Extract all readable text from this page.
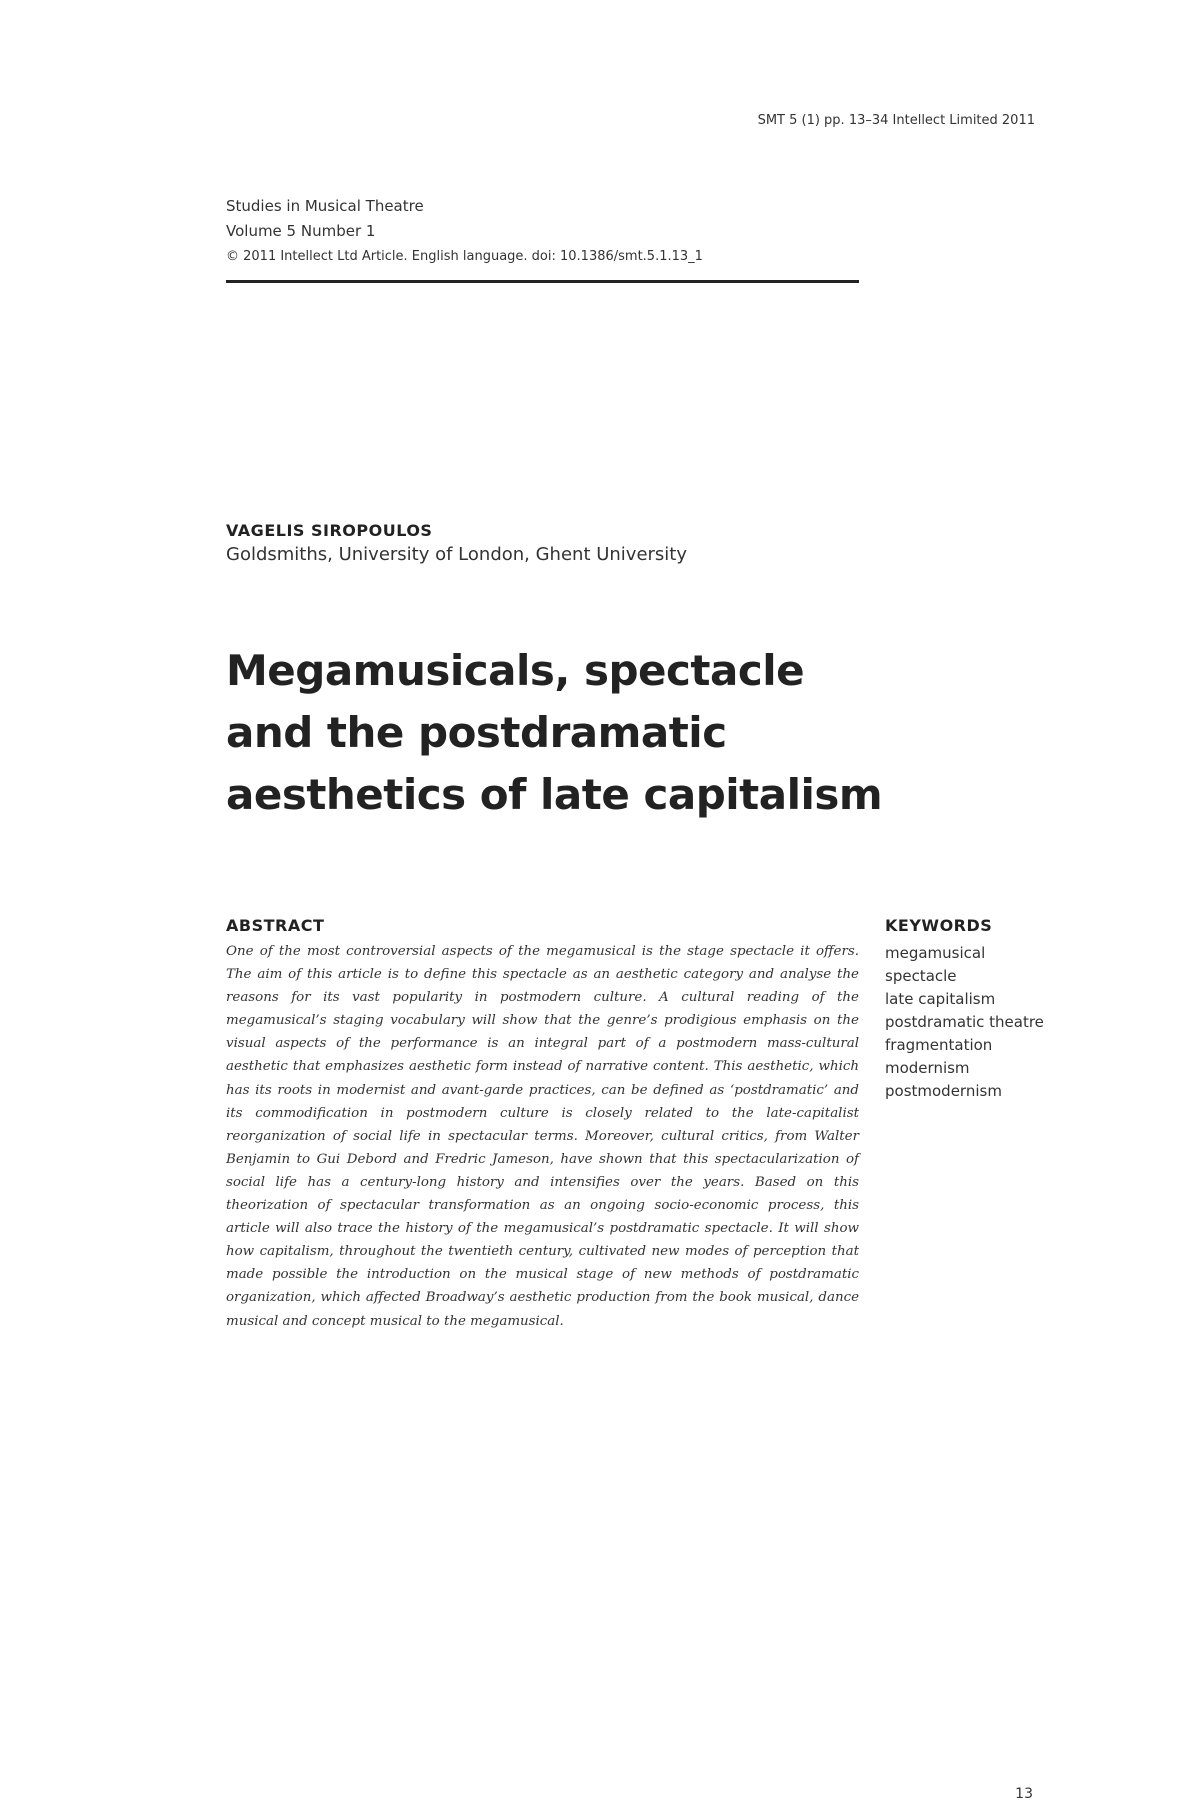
SMT 5 (1) pp. 13–34 Intellect Limited 2011
Studies in Musical Theatre
Volume 5 Number 1
© 2011 Intellect Ltd Article. English language. doi: 10.1386/smt.5.1.13_1
VAGELIS SIROPOULOS
Goldsmiths, University of London, Ghent University
Megamusicals, spectacle and the postdramatic aesthetics of late capitalism
ABSTRACT	KEYWORDS
One of the most controversial aspects of the megamusical is the stage spectacle it offers. The aim of this article is to define this spectacle as an aesthetic category and analyse the reasons for its vast popularity in postmodern culture. A cultural reading of the megamusical’s staging vocabulary will show that the genre’s prodigious emphasis on the visual aspects of the performance is an integral part of a postmodern mass-cultural aesthetic that emphasizes aesthetic form instead of narrative content. This aesthetic, which has its roots in modernist and avant-garde practices, can be defined as ‘postdramatic’ and its commodification in postmodern culture is closely related to the late-capitalist reorganization of social life in spectacular terms. Moreover, cultural critics, from Walter Benjamin to Gui Debord and Fredric Jameson, have shown that this spectacularization of social life has a century-long history and intensifies over the years. Based on this theorization of spectacular transformation as an ongoing socio-economic process, this article will also trace the history of the megamusical’s postdramatic spectacle. It will show how capitalism, throughout the twentieth century, cultivated new modes of perception that made possible the introduction on the musical stage of new methods of postdramatic organization, which affected Broadway’s aesthetic production from the book musical, dance musical and concept musical to the megamusical.
megamusical
spectacle
late capitalism
postdramatic theatre
fragmentation
modernism
postmodernism
13
